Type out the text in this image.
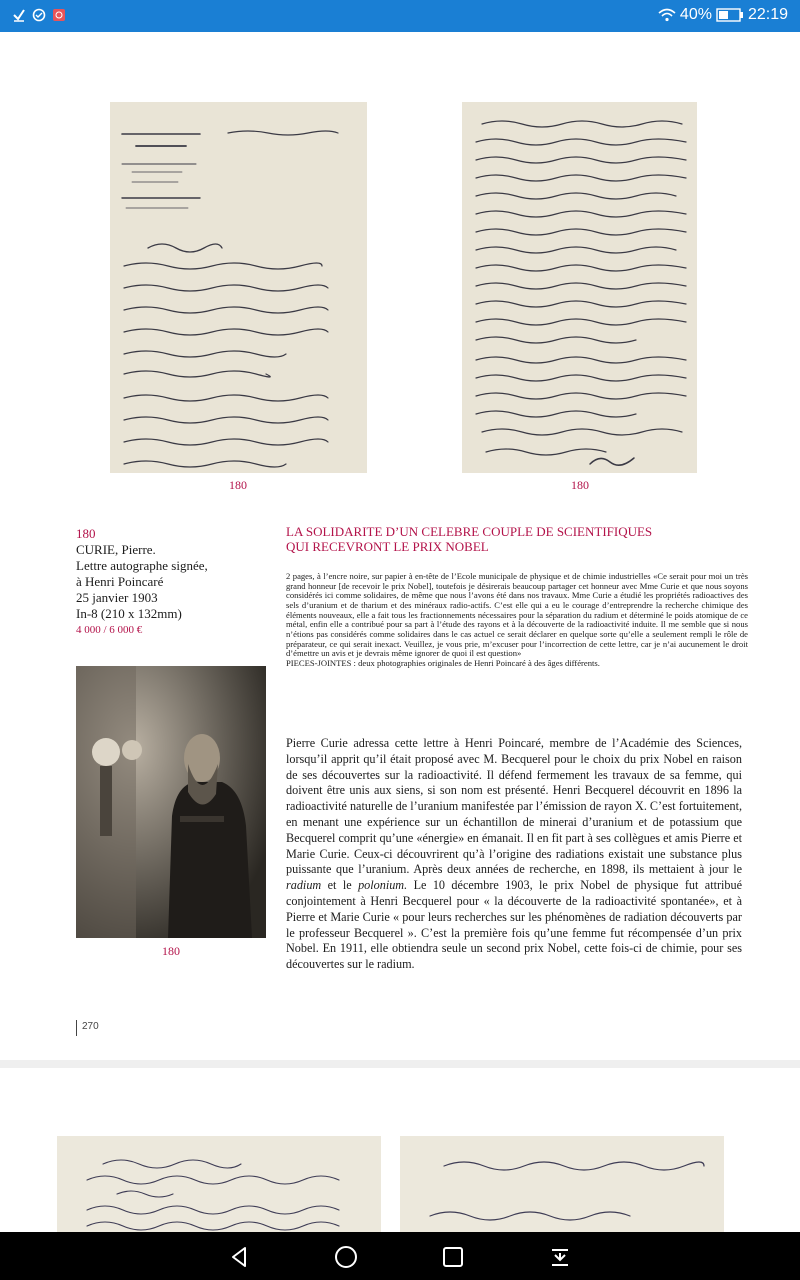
40% 22:19
180	180
180
CURIE, Pierre.
Lettre autographe signée,
à Henri Poincaré
25 janvier 1903
In-8 (210 x 132mm)
4 000 / 6 000 €
180
LA SOLIDARITE D’UN CELEBRE COUPLE DE SCIENTIFIQUES
QUI RECEVRONT LE PRIX NOBEL
2 pages, à l’encre noire, sur papier à en-tête de l’Ecole municipale de physique et de chimie industrielles «Ce serait pour moi un très grand honneur [de recevoir le prix Nobel], toutefois je désirerais beaucoup partager cet honneur avec Mme Curie et que nous soyons considérés ici comme solidaires, de même que nous l’avons été dans nos travaux. Mme Curie a étudié les propriétés radioactives des sels d’uranium et de tharium et des minéraux radio-actifs. C’est elle qui a eu le courage d’entreprendre la recherche chimique des éléments nouveaux, elle a fait tous les fractionnements nécessaires pour la séparation du radium et déterminé le poids atomique de ce métal, enfin elle a contribué pour sa part à l’étude des rayons et à la découverte de la radioactivité induite. Il me semble que si nous n’étions pas considérés comme solidaires dans le cas actuel ce serait déclarer en quelque sorte qu’elle a seulement rempli le rôle de préparateur, ce qui serait inexact. Veuillez, je vous prie, m’excuser pour l’incorrection de cette lettre, car je n’ai aucunement le droit d’émettre un avis et je devrais même ignorer de quoi il est question»
PIECES-JOINTES : deux photographies originales de Henri Poincaré à des âges différents.
Pierre Curie adressa cette lettre à Henri Poincaré, membre de l’Académie des Sciences, lorsqu’il apprit qu’il était proposé avec M. Becquerel pour le choix du prix Nobel en raison de ses découvertes sur la radioactivité. Il défend fermement les travaux de sa femme, qui doivent être unis aux siens, si son nom est présenté. Henri Becquerel découvrit en 1896 la radioactivité naturelle de l’uranium manifestée par l’émission de rayon X. C’est fortuitement, en menant une expérience sur un échantillon de minerai d’uranium et de potassium que Becquerel comprit qu’une «énergie» en émanait. Il en fit part à ses collègues et amis Pierre et Marie Curie. Ceux-ci découvrirent qu’à l’origine des radiations existait une substance plus puissante que l’uranium. Après deux années de recherche, en 1898, ils mettaient à jour le radium et le polonium. Le 10 décembre 1903, le prix Nobel de physique fut attribué conjointement à Henri Becquerel pour « la découverte de la radioactivité spontanée», et à Pierre et Marie Curie « pour leurs recherches sur les phénomènes de radiation découverts par le professeur Becquerel ». C’est la première fois qu’une femme fut récompensée d’un prix Nobel. En 1911, elle obtiendra seule un second prix Nobel, cette fois-ci de chimie, pour ses découvertes sur le radium.
270
